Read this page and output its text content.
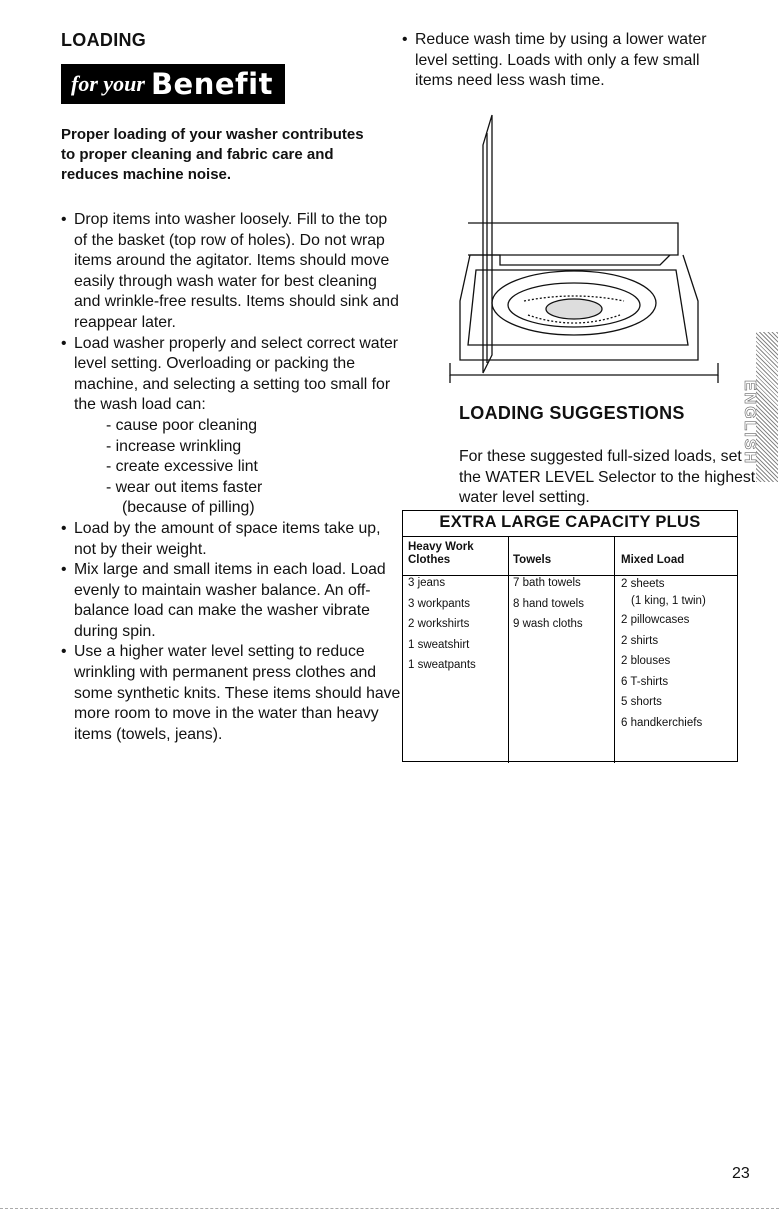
LOADING
for your Benefit

Proper loading of your washer contributes to proper cleaning and fabric care and reduces machine noise.

• Drop items into washer loosely. Fill to the top of the basket (top row of holes). Do not wrap items around the agitator. Items should move easily through wash water for best cleaning and wrinkle-free results. Items should sink and reappear later.
• Load washer properly and select correct water level setting. Overloading or packing the machine, and selecting a setting too small for the wash load can:
- cause poor cleaning
- increase wrinkling
- create excessive lint
- wear out items faster
(because of pilling)
• Load by the amount of space items take up, not by their weight.
• Mix large and small items in each load. Load evenly to maintain washer balance. An off-balance load can make the washer vibrate during spin.
• Use a higher water level setting to reduce wrinkling with permanent press clothes and some synthetic knits. These items should have more room to move in the water than heavy items (towels, jeans).
• Reduce wash time by using a lower water level setting. Loads with only a few small items need less wash time.
LOADING SUGGESTIONS

For these suggested full-sized loads, set the WATER LEVEL Selector to the highest water level setting.

EXTRA LARGE CAPACITY PLUS
Heavy Work Clothes
3 jeans
3 workpants
2 workshirts
1 sweatshirt
1 sweatpants
Towels
7 bath towels
8 hand towels
9 wash cloths
Mixed Load
2 sheets
(1 king, 1 twin)
2 pillowcases
2 shirts
2 blouses
6 T-shirts
5 shorts
6 handkerchiefs
ENGLISH
23
